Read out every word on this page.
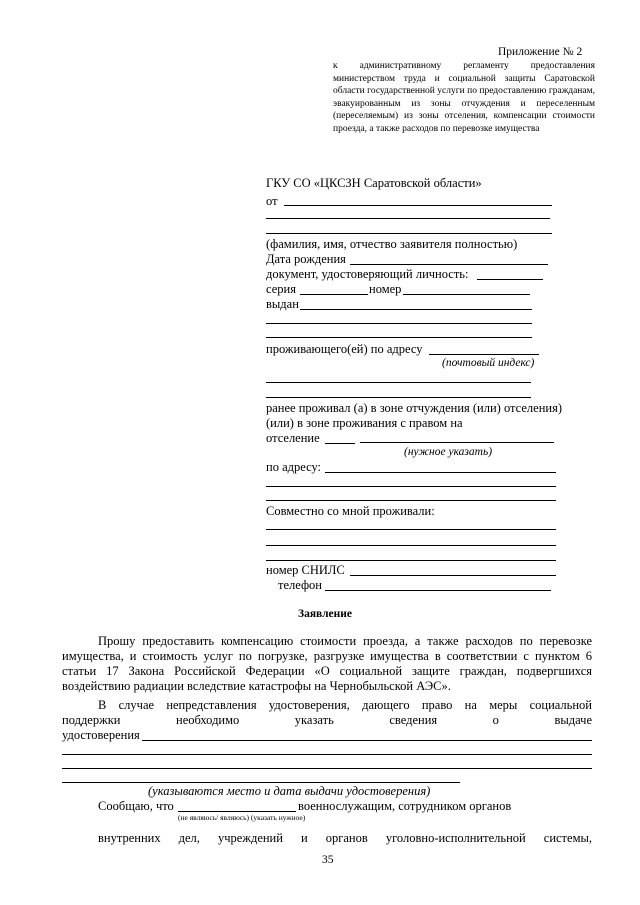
Приложение № 2
к административному регламенту предоставления министерством труда и социальной защиты Саратовской области государственной услуги по предоставлению гражданам, эвакуированным из зоны отчуждения и переселенным (переселяемым) из зоны отселения, компенсации стоимости проезда, а также расходов по перевозке имущества
ГКУ СО «ЦКСЗН Саратовской области»
от
(фамилия, имя, отчество заявителя полностью)
Дата рождения
документ, удостоверяющий личность:
серия	номер
выдан
проживающего(ей) по адресу
(почтовый индекс)
ранее проживал (а) в зоне отчуждения (или) отселения)
(или) в зоне проживания с правом на
отселение
(нужное указать)
по адресу:
Совместно со мной проживали:
номер СНИЛС
телефон
Заявление
Прошу предоставить компенсацию стоимости проезда, а также расходов по перевозке
имущества, и стоимость услуг по погрузке, разгрузке имущества в соответствии с пунктом 6
статьи 17 Закона Российской Федерации «О социальной защите граждан, подвергшихся
воздействию радиации вследствие катастрофы на Чернобыльской АЭС».
В случае непредставления удостоверения, дающего право на меры социальной
поддержки необходимо указать сведения о выдаче
удостоверения
(указываются место и дата выдачи удостоверения)
Сообщаю, что	военнослужащим, сотрудником органов
(не являюсь/ являюсь) (указать нужное)
внутренних дел, учреждений и органов уголовно-исполнительной системы,
35
